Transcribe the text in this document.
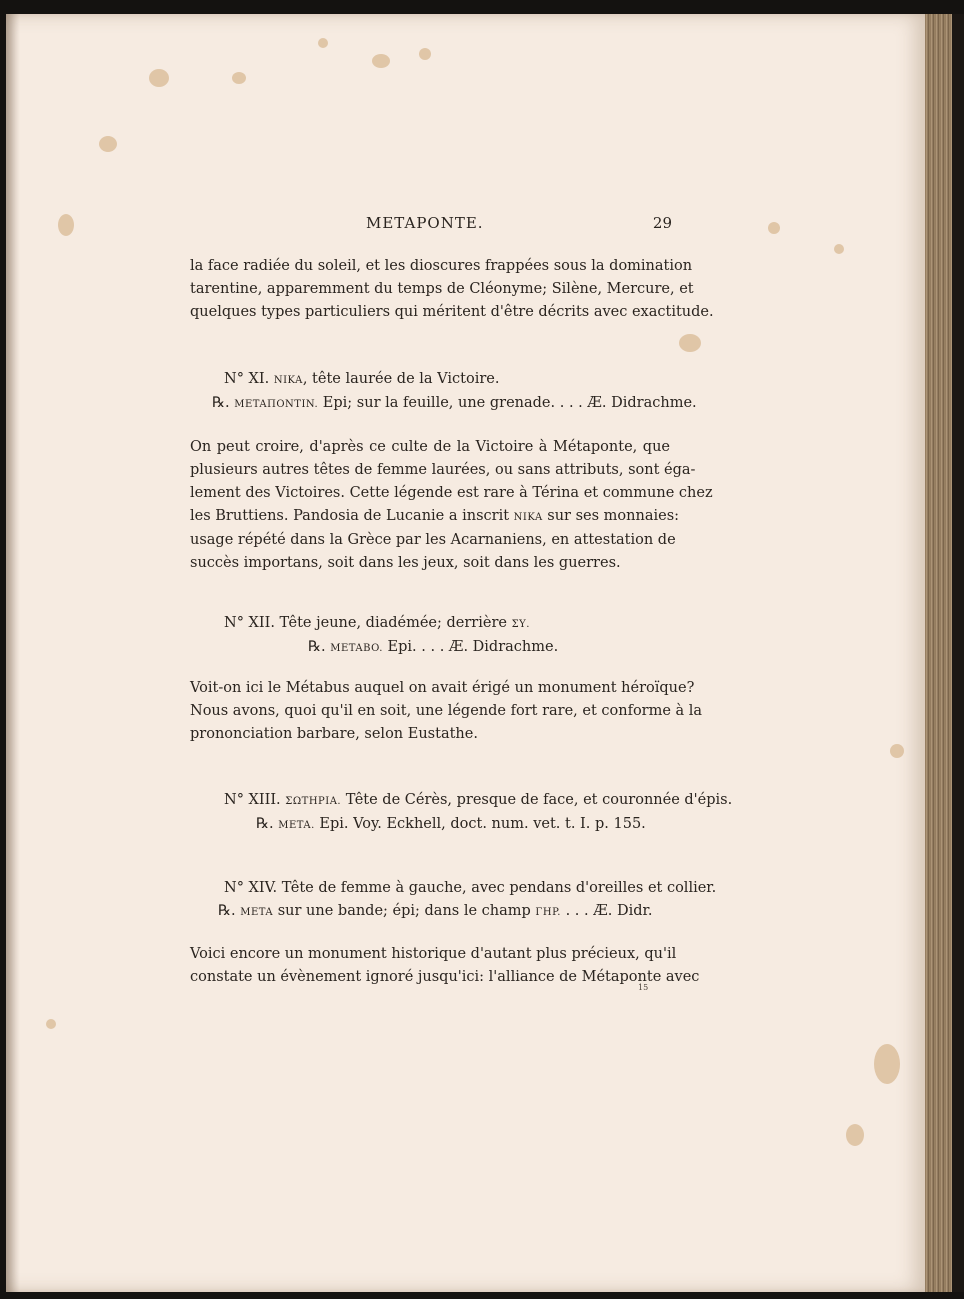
METAPONTE.	29
la face radiée du soleil, et les dioscures frappées sous la domination
tarentine, apparemment du temps de Cléonyme; Silène, Mercure, et
quelques types particuliers qui méritent d'être décrits avec exactitude.
N° XI. NIKA, tête laurée de la Victoire.
℞. METAΠONTIN. Epi; sur la feuille, une grenade. . . . Æ. Didrachme.
On peut croire, d'après ce culte de la Victoire à Métaponte, que
plusieurs autres têtes de femme laurées, ou sans attributs, sont éga-
lement des Victoires. Cette légende est rare à Térina et commune chez
les Bruttiens. Pandosia de Lucanie a inscrit NIKA sur ses monnaies:
usage répété dans la Grèce par les Acarnaniens, en attestation de
succès importans, soit dans les jeux, soit dans les guerres.
N° XII. Tête jeune, diadémée; derrière ΣΥ.
℞. METABO. Epi. . . . Æ. Didrachme.
Voit-on ici le Métabus auquel on avait érigé un monument héroïque?
Nous avons, quoi qu'il en soit, une légende fort rare, et conforme à la
prononciation barbare, selon Eustathe.
N° XIII. ΣΩTHPIA. Tête de Cérès, presque de face, et couronnée d'épis.
℞. META. Epi. Voy. Eckhell, doct. num. vet. t. I. p. 155.
N° XIV. Tête de femme à gauche, avec pendans d'oreilles et collier.
℞. META sur une bande; épi; dans le champ ΓHP. . . . Æ. Didr.
Voici encore un monument historique d'autant plus précieux, qu'il
constate un évènement ignoré jusqu'ici: l'alliance de Métaponte avec
15
